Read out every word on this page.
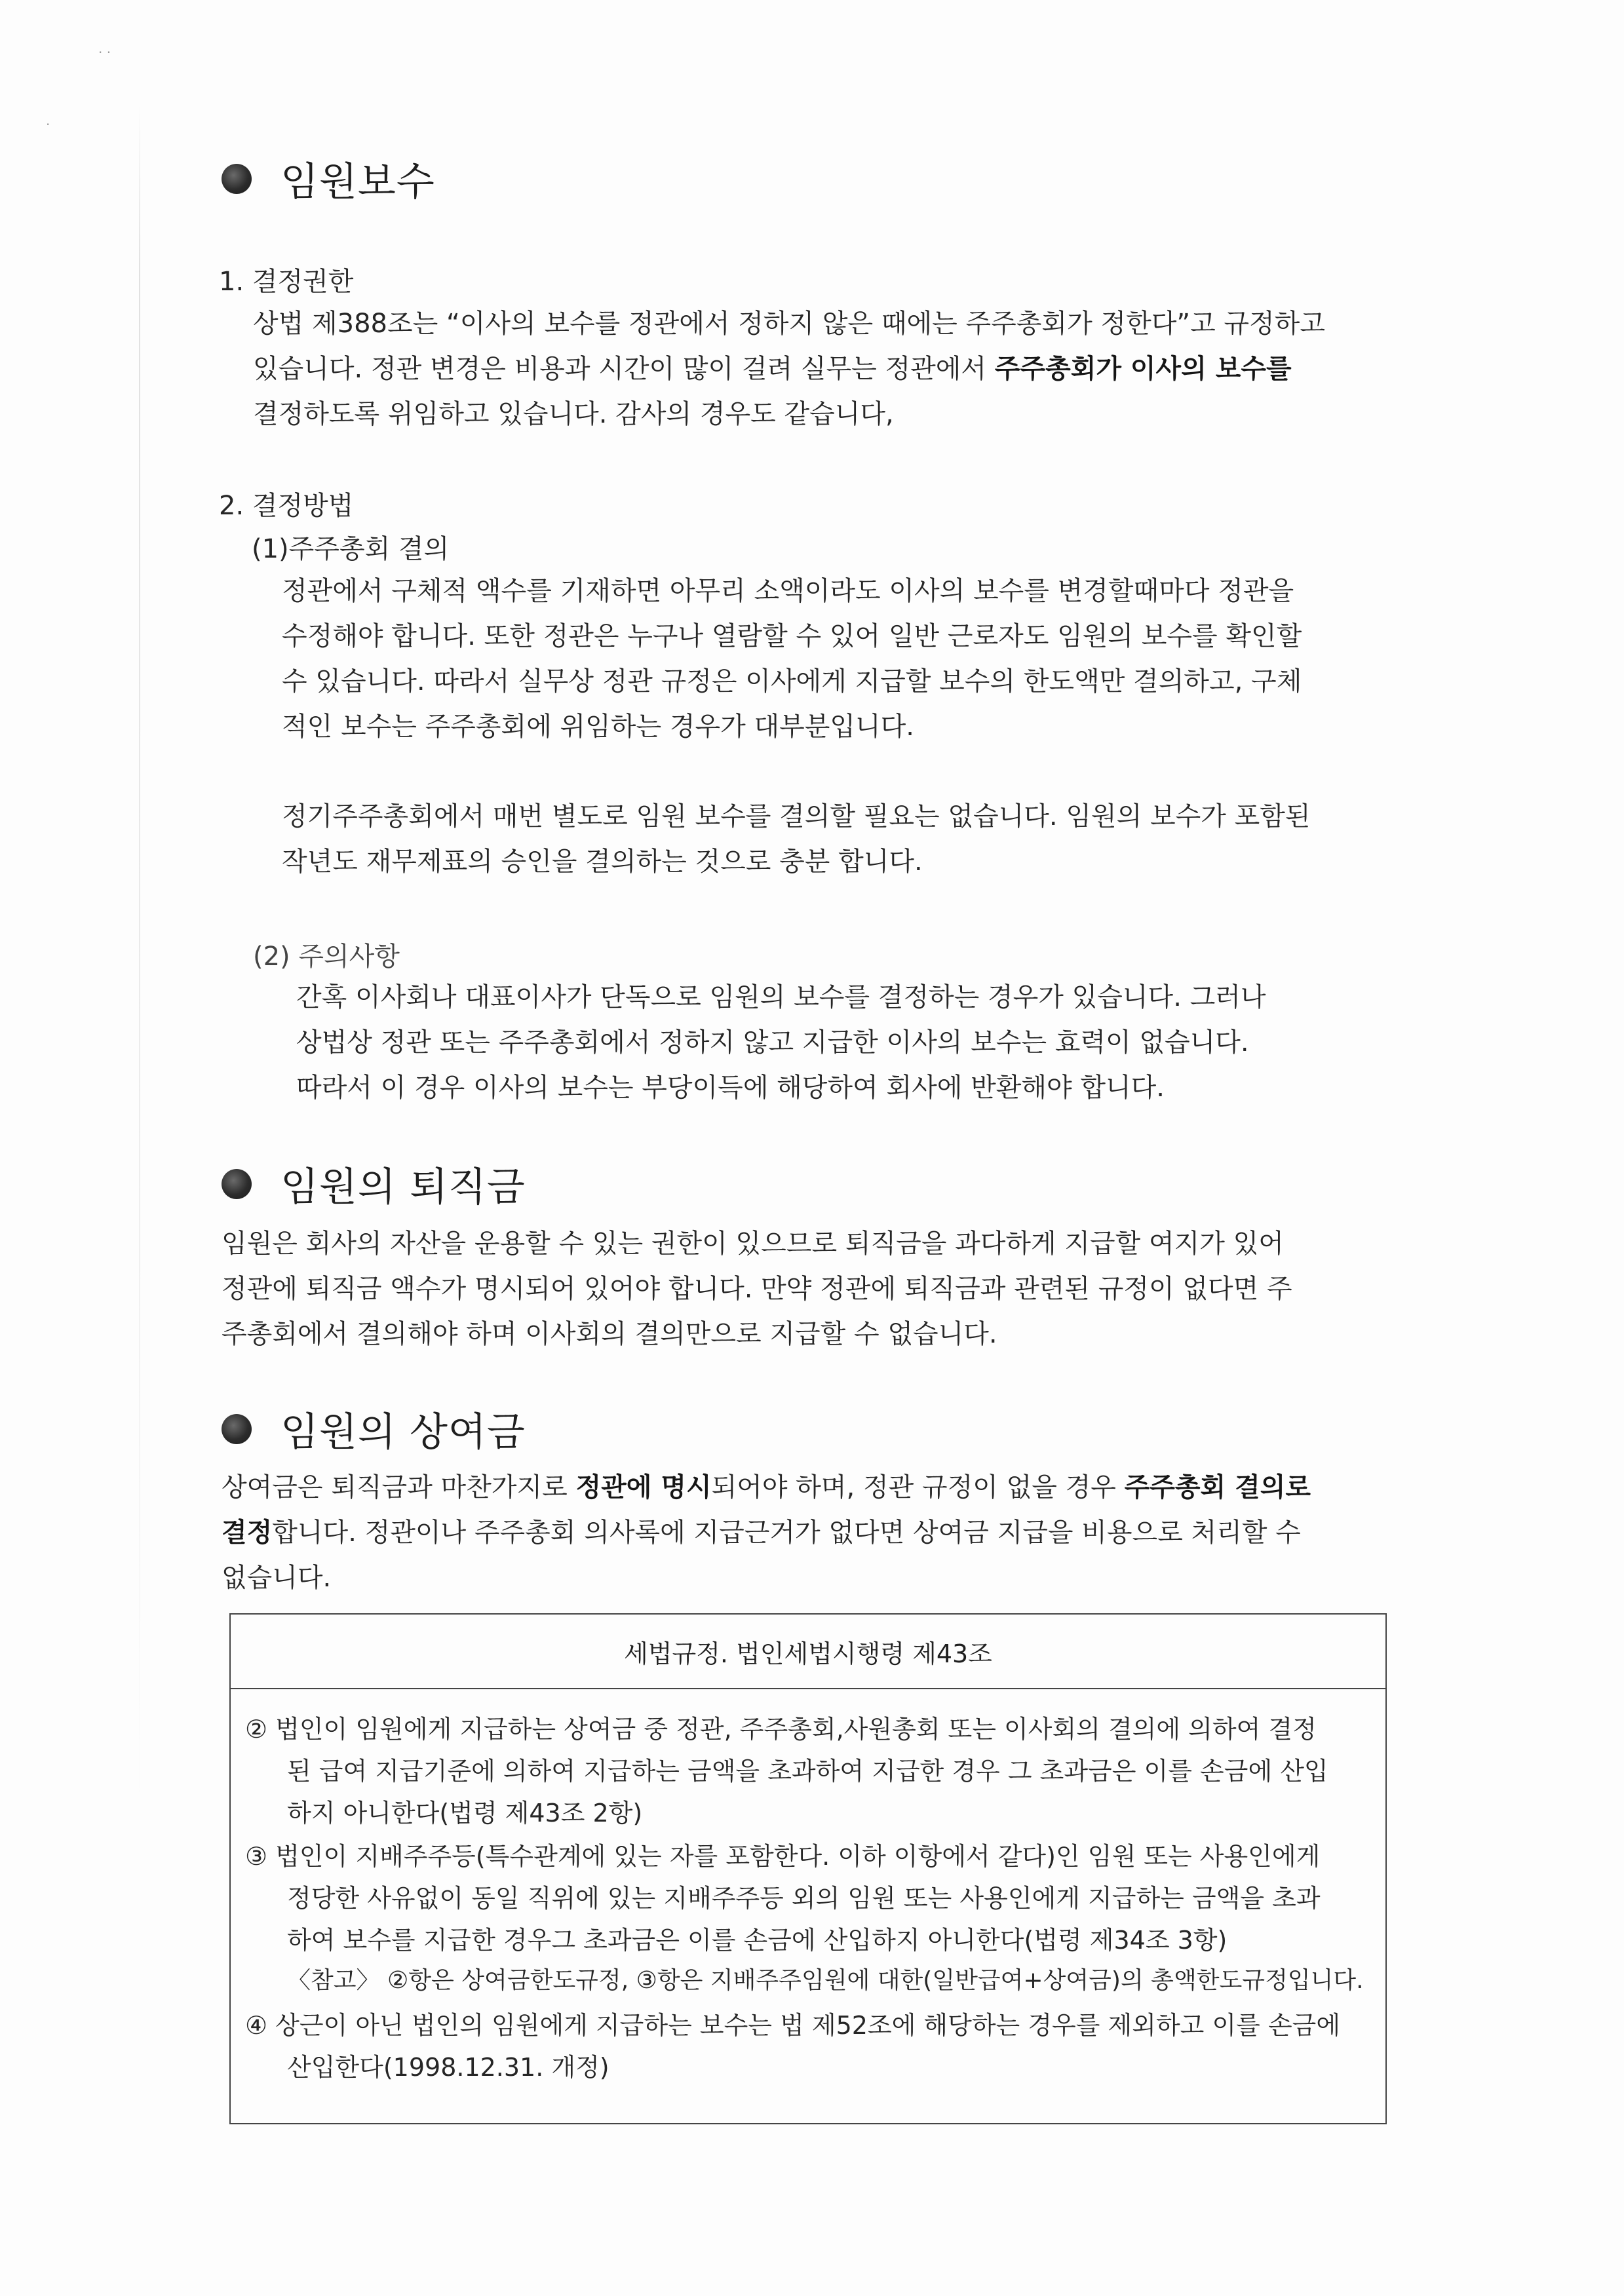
· ·
·
임원보수
1. 결정권한
상법 제388조는 “이사의 보수를 정관에서 정하지 않은 때에는 주주총회가 정한다”고 규정하고
있습니다. 정관 변경은 비용과 시간이 많이 걸려 실무는 정관에서 주주총회가 이사의 보수를
결정하도록 위임하고 있습니다. 감사의 경우도 같습니다,
2. 결정방법
(1)주주총회 결의
정관에서 구체적 액수를 기재하면 아무리 소액이라도 이사의 보수를 변경할때마다 정관을
수정해야 합니다. 또한 정관은 누구나 열람할 수 있어 일반 근로자도 임원의 보수를 확인할
수 있습니다. 따라서 실무상 정관 규정은 이사에게 지급할 보수의 한도액만 결의하고, 구체
적인 보수는 주주총회에 위임하는 경우가 대부분입니다.
정기주주총회에서 매번 별도로 임원 보수를 결의할 필요는 없습니다. 임원의 보수가 포함된
작년도 재무제표의 승인을 결의하는 것으로 충분 합니다.
(2) 주의사항
간혹 이사회나 대표이사가 단독으로 임원의 보수를 결정하는 경우가 있습니다. 그러나
상법상 정관 또는 주주총회에서 정하지 않고 지급한 이사의 보수는 효력이 없습니다.
따라서 이 경우 이사의 보수는 부당이득에 해당하여 회사에 반환해야 합니다.
임원의 퇴직금
임원은 회사의 자산을 운용할 수 있는 권한이 있으므로 퇴직금을 과다하게 지급할 여지가 있어
정관에 퇴직금 액수가 명시되어 있어야 합니다. 만약 정관에 퇴직금과 관련된 규정이 없다면 주
주총회에서 결의해야 하며 이사회의 결의만으로 지급할 수 없습니다.
임원의 상여금
상여금은 퇴직금과 마찬가지로 정관에 명시되어야 하며, 정관 규정이 없을 경우 주주총회 결의로
결정합니다. 정관이나 주주총회 의사록에 지급근거가 없다면 상여금 지급을 비용으로 처리할 수
없습니다.
세법규정. 법인세법시행령 제43조
② 법인이 임원에게 지급하는 상여금 중 정관, 주주총회,사원총회 또는 이사회의 결의에 의하여 결정
된 급여 지급기준에 의하여 지급하는 금액을 초과하여 지급한 경우 그 초과금은 이를 손금에 산입
하지 아니한다(법령 제43조 2항)
③ 법인이 지배주주등(특수관계에 있는 자를 포함한다. 이하 이항에서 같다)인 임원 또는 사용인에게
정당한 사유없이 동일 직위에 있는 지배주주등 외의 임원 또는 사용인에게 지급하는 금액을 초과
하여 보수를 지급한 경우그 초과금은 이를 손금에 산입하지 아니한다(법령 제34조 3항)
〈참고〉 ②항은 상여금한도규정, ③항은 지배주주임원에 대한(일반급여+상여금)의 총액한도규정입니다.
④ 상근이 아닌 법인의 임원에게 지급하는 보수는 법 제52조에 해당하는 경우를 제외하고 이를 손금에
산입한다(1998.12.31. 개정)
